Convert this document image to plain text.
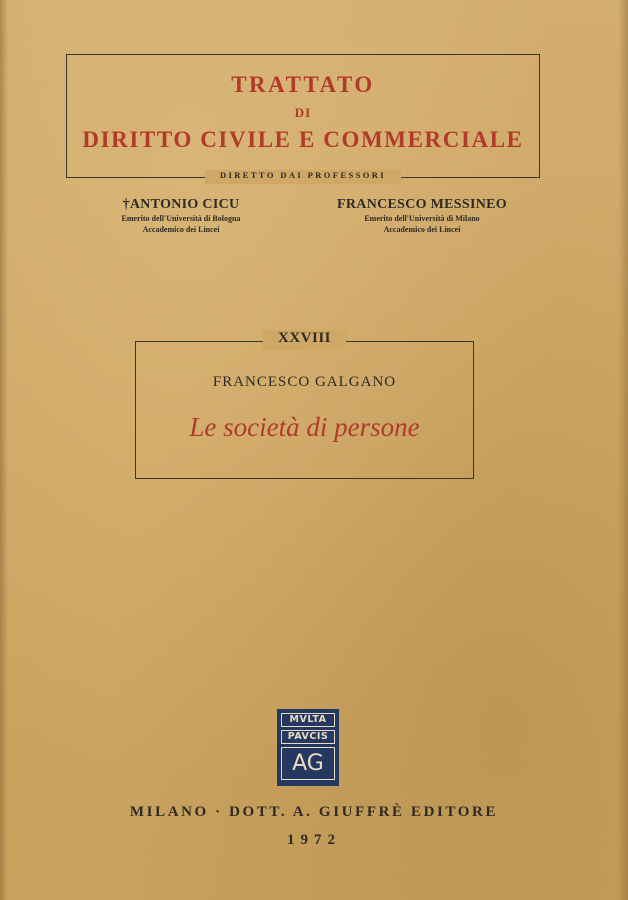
TRATTATO
DI
DIRITTO CIVILE E COMMERCIALE
DIRETTO DAI PROFESSORI
†ANTONIO CICU
Emerito dell'Università di Bologna
Accademico dei Lincei
FRANCESCO MESSINEO
Emerito dell'Università di Milano
Accademico dei Lincei
FRANCESCO GALGANO
Le società di persone
XXVIII
MVLTA
PAVCIS
AG
MILANO · DOTT. A. GIUFFRÈ EDITORE
1972
